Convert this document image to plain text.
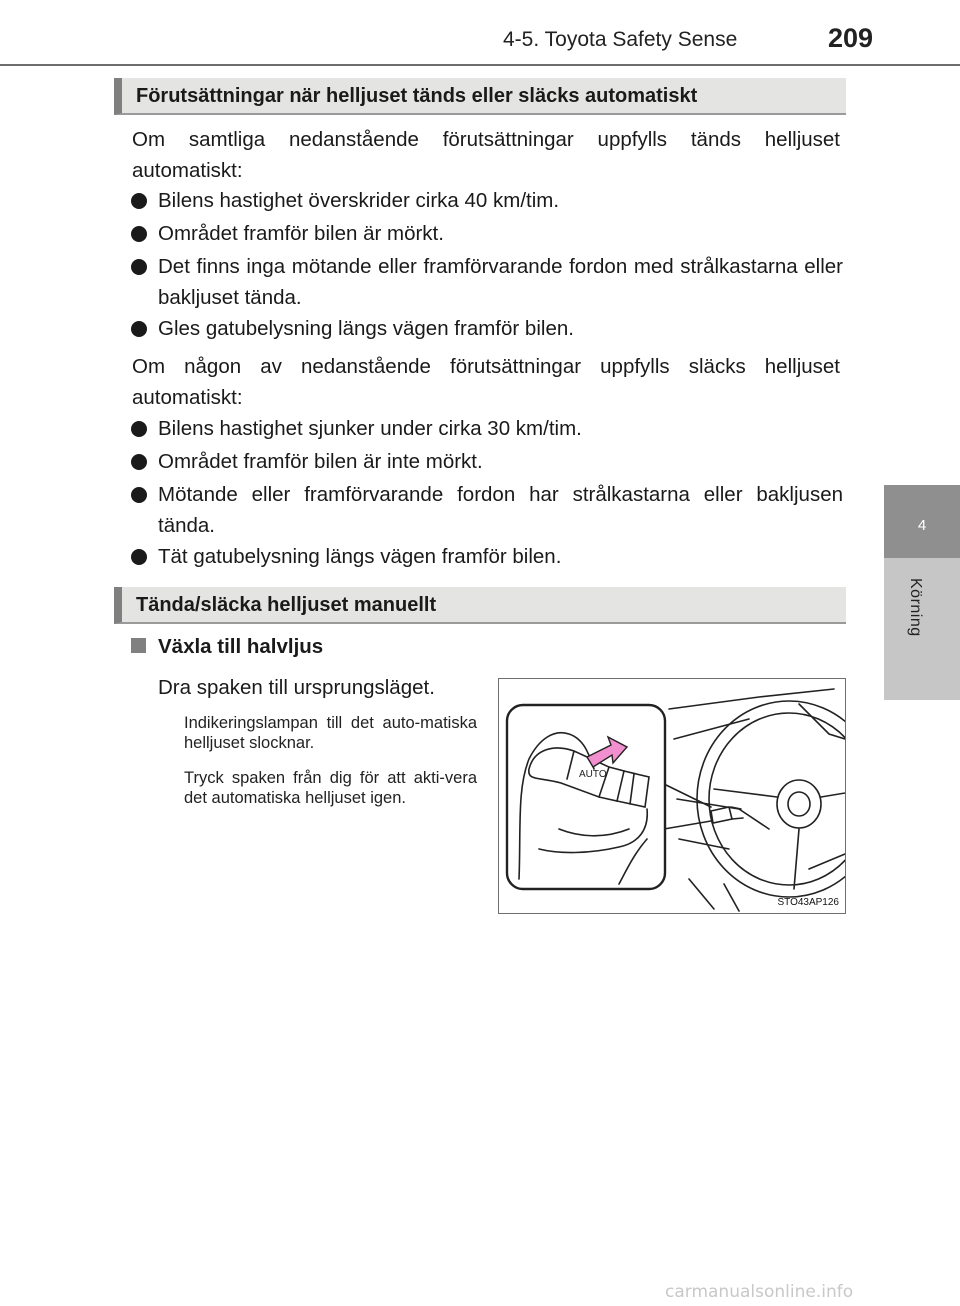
4-5. Toyota Safety Sense	209
4
Körning
Förutsättningar när helljuset tänds eller släcks automatiskt
Om samtliga nedanstående förutsättningar uppfylls tänds helljuset automatiskt:
Bilens hastighet överskrider cirka 40 km/tim.
Området framför bilen är mörkt.
Det finns inga mötande eller framförvarande fordon med strålkastarna eller bakljuset tända.
Gles gatubelysning längs vägen framför bilen.
Om någon av nedanstående förutsättningar uppfylls släcks helljuset automatiskt:
Bilens hastighet sjunker under cirka 30 km/tim.
Området framför bilen är inte mörkt.
Mötande eller framförvarande fordon har strålkastarna eller bakljusen tända.
Tät gatubelysning längs vägen framför bilen.
Tända/släcka helljuset manuellt
Växla till halvljus
Dra spaken till ursprungsläget.
Indikeringslampan till det auto-matiska helljuset slocknar.
Tryck spaken från dig för att akti-vera det automatiska helljuset igen.
AUTO
STO43AP126
carmanualsonline.info
